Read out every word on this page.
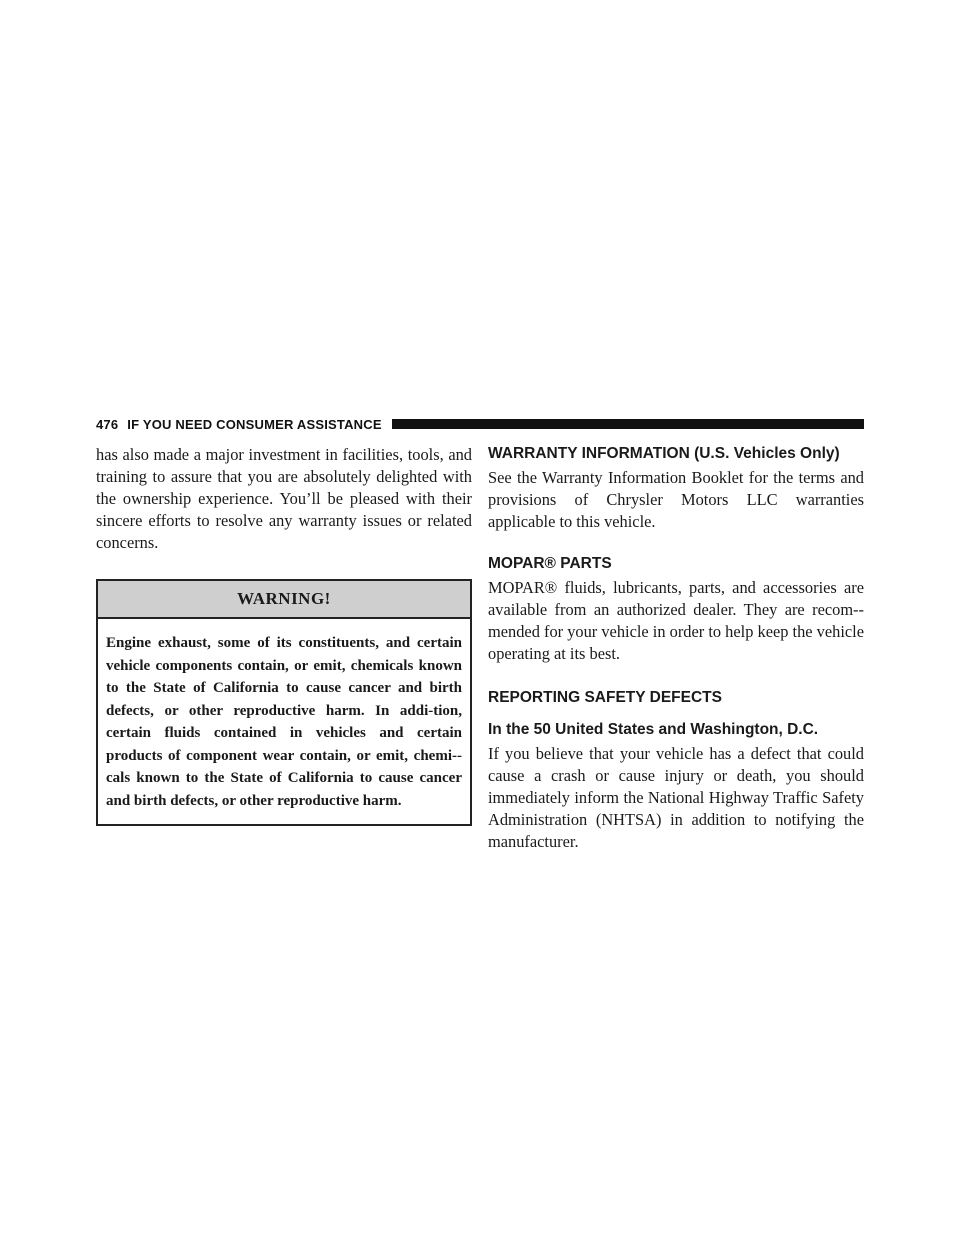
476 IF YOU NEED CONSUMER ASSISTANCE

has also made a major investment in facilities, tools, and training to assure that you are absolutely delighted with the ownership experience. You’ll be pleased with their sincere efforts to resolve any warranty issues or related concerns.

WARNING!
Engine exhaust, some of its constituents, and certain vehicle components contain, or emit, chemicals known to the State of California to cause cancer and birth defects, or other reproductive harm. In addi-tion, certain fluids contained in vehicles and certain products of component wear contain, or emit, chemi-cals known to the State of California to cause cancer and birth defects, or other reproductive harm.
WARRANTY INFORMATION (U.S. Vehicles Only)

See the Warranty Information Booklet for the terms and provisions of Chrysler Motors LLC warranties applicable to this vehicle.

MOPAR® PARTS

MOPAR® fluids, lubricants, parts, and accessories are available from an authorized dealer. They are recom-mended for your vehicle in order to help keep the vehicle operating at its best.

REPORTING SAFETY DEFECTS
In the 50 United States and Washington, D.C.

If you believe that your vehicle has a defect that could cause a crash or cause injury or death, you should immediately inform the National Highway Traffic Safety Administration (NHTSA) in addition to notifying the manufacturer.
